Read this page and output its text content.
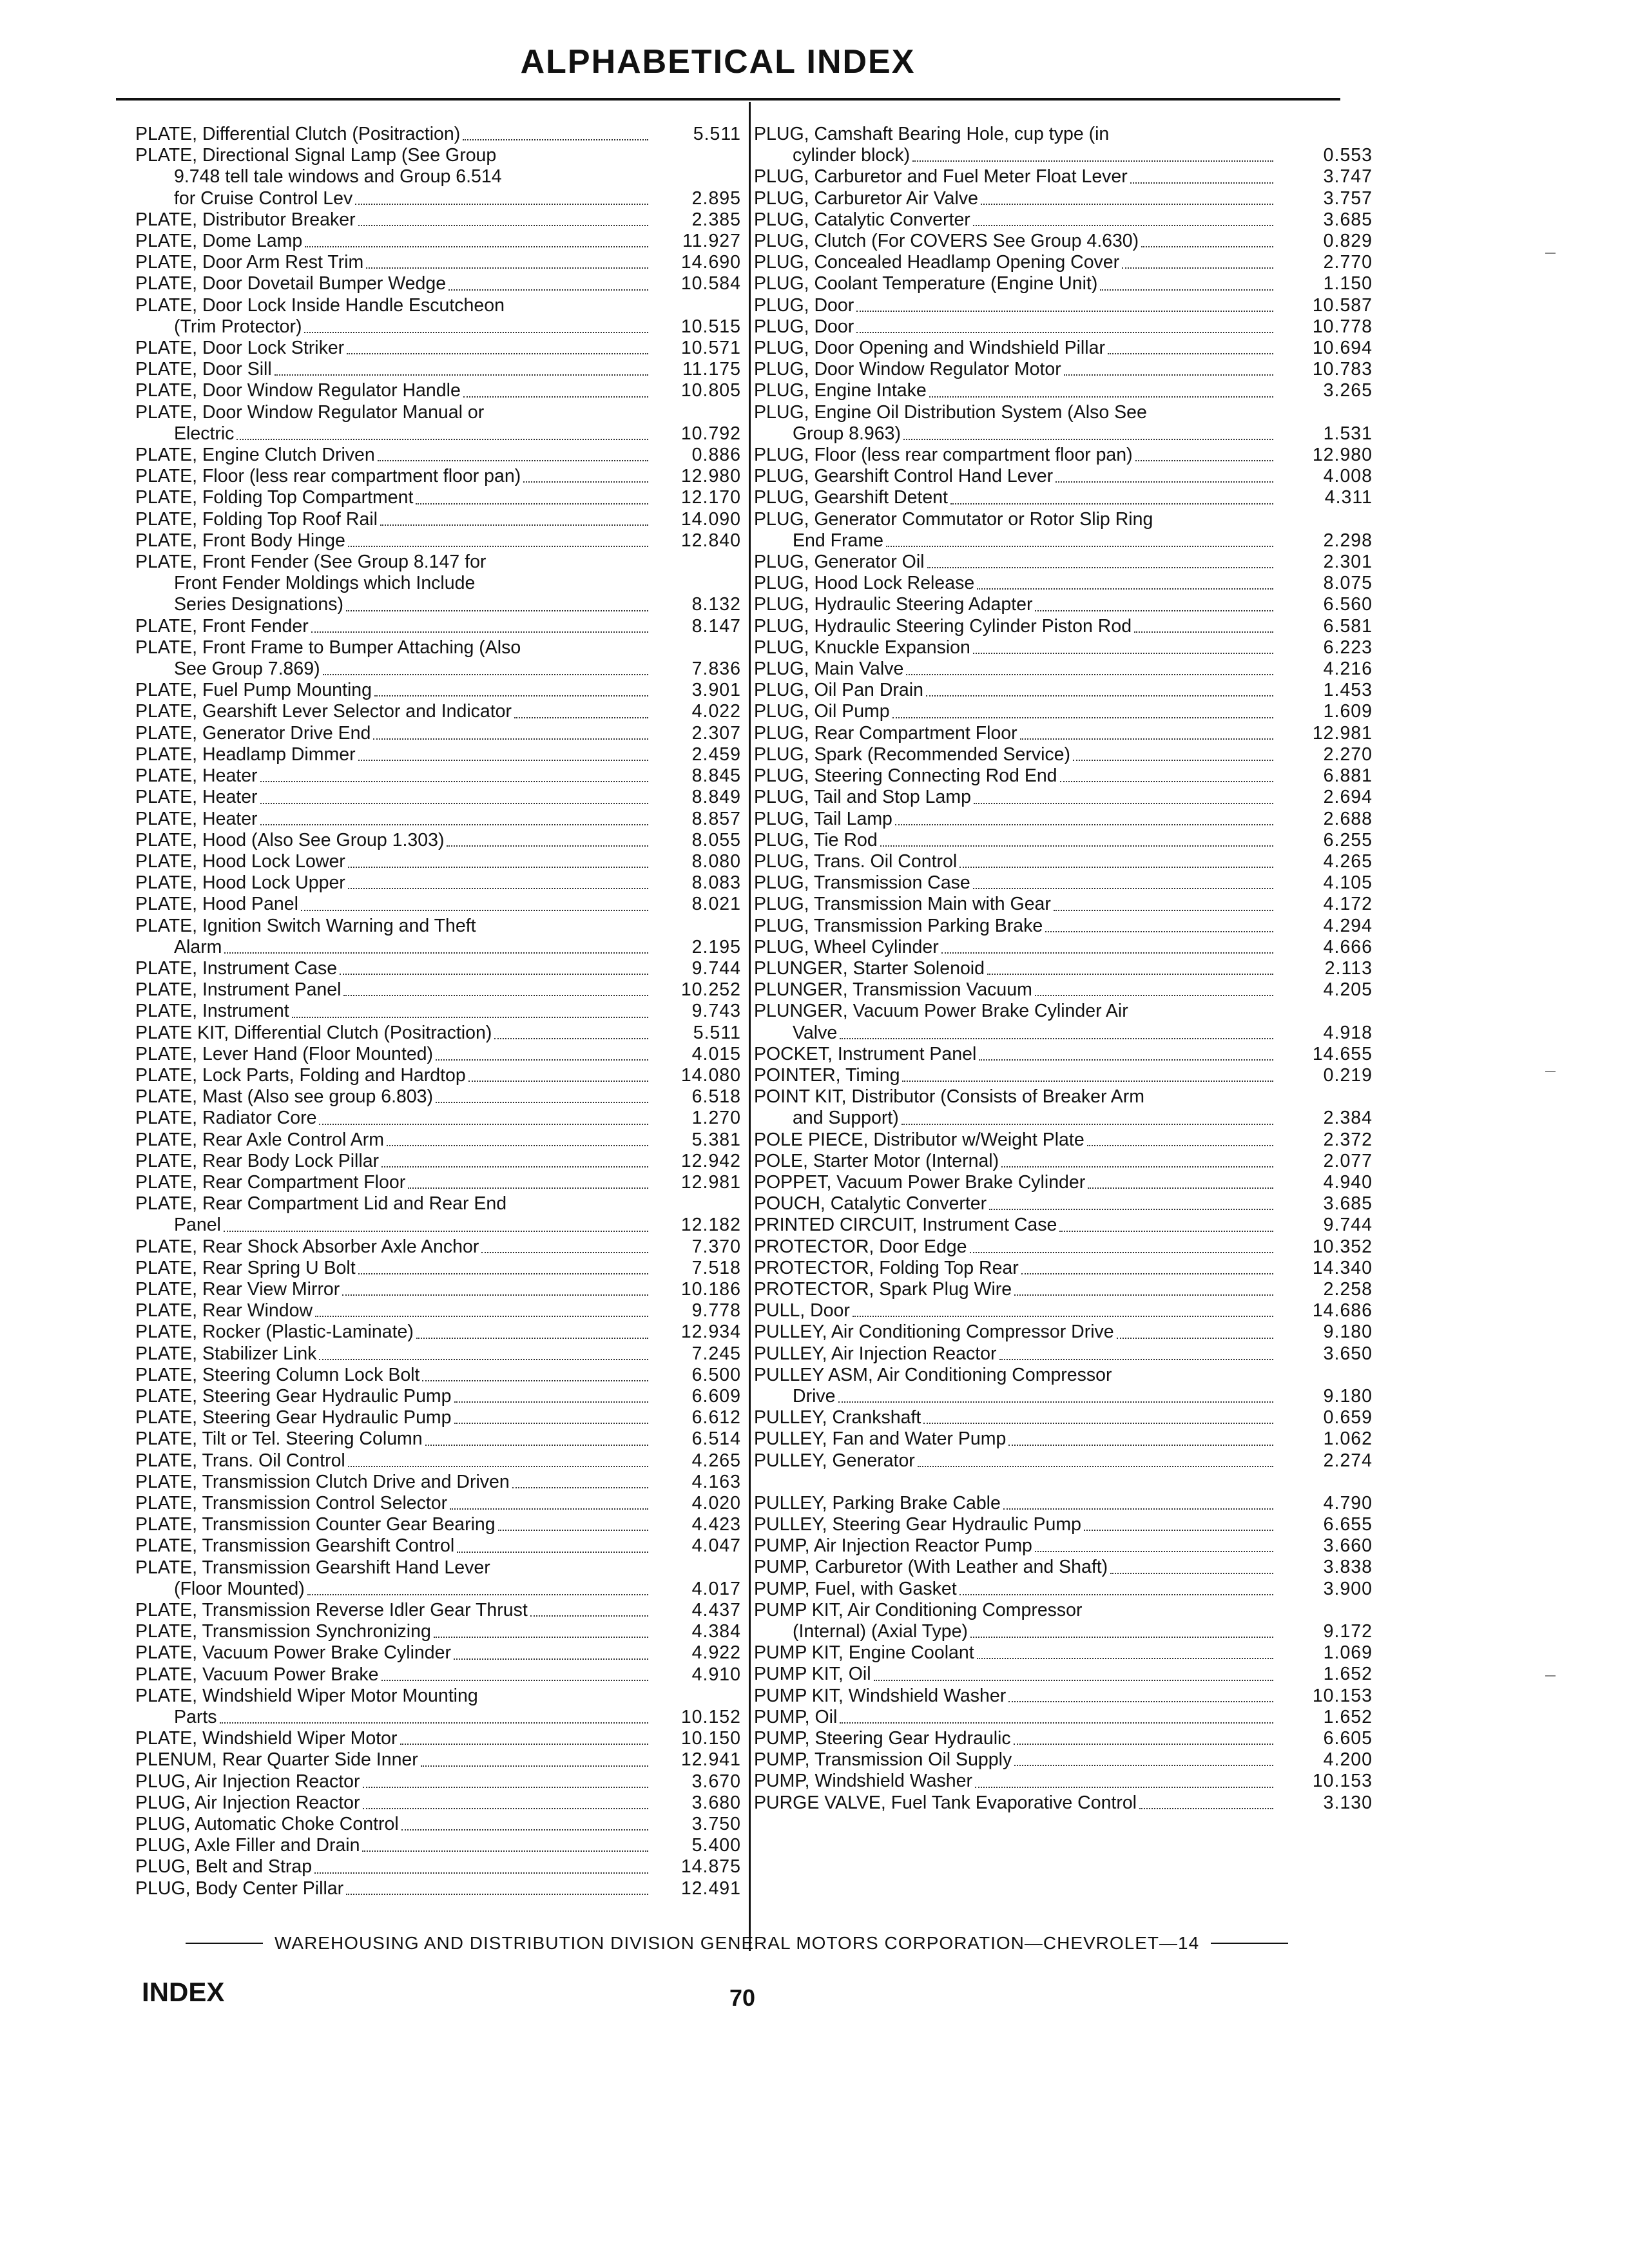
ALPHABETICAL INDEX
PLATE, Differential Clutch (Positraction)	5.511
PLATE, Directional Signal Lamp (See Group
9.748 tell tale windows and Group 6.514
for Cruise Control Lev	2.895
PLATE, Distributor Breaker	2.385
PLATE, Dome Lamp	11.927
PLATE, Door Arm Rest Trim	14.690
PLATE, Door Dovetail Bumper Wedge	10.584
PLATE, Door Lock Inside Handle Escutcheon
(Trim Protector)	10.515
PLATE, Door Lock Striker	10.571
PLATE, Door Sill	11.175
PLATE, Door Window Regulator Handle	10.805
PLATE, Door Window Regulator Manual or
Electric	10.792
PLATE, Engine Clutch Driven	0.886
PLATE, Floor (less rear compartment floor pan)	12.980
PLATE, Folding Top Compartment	12.170
PLATE, Folding Top Roof Rail	14.090
PLATE, Front Body Hinge	12.840
PLATE, Front Fender (See Group 8.147 for
Front Fender Moldings which Include
Series Designations)	8.132
PLATE, Front Fender	8.147
PLATE, Front Frame to Bumper Attaching (Also
See Group 7.869)	7.836
PLATE, Fuel Pump Mounting	3.901
PLATE, Gearshift Lever Selector and Indicator	4.022
PLATE, Generator Drive End	2.307
PLATE, Headlamp Dimmer	2.459
PLATE, Heater	8.845
PLATE, Heater	8.849
PLATE, Heater	8.857
PLATE, Hood (Also See Group 1.303)	8.055
PLATE, Hood Lock Lower	8.080
PLATE, Hood Lock Upper	8.083
PLATE, Hood Panel	8.021
PLATE, Ignition Switch Warning and Theft
Alarm	2.195
PLATE, Instrument Case	9.744
PLATE, Instrument Panel	10.252
PLATE, Instrument	9.743
PLATE KIT, Differential Clutch (Positraction)	5.511
PLATE, Lever Hand (Floor Mounted)	4.015
PLATE, Lock Parts, Folding and Hardtop	14.080
PLATE, Mast (Also see group 6.803)	6.518
PLATE, Radiator Core	1.270
PLATE, Rear Axle Control Arm	5.381
PLATE, Rear Body Lock Pillar	12.942
PLATE, Rear Compartment Floor	12.981
PLATE, Rear Compartment Lid and Rear End
Panel	12.182
PLATE, Rear Shock Absorber Axle Anchor	7.370
PLATE, Rear Spring U Bolt	7.518
PLATE, Rear View Mirror	10.186
PLATE, Rear Window	9.778
PLATE, Rocker (Plastic-Laminate)	12.934
PLATE, Stabilizer Link	7.245
PLATE, Steering Column Lock Bolt	6.500
PLATE, Steering Gear Hydraulic Pump	6.609
PLATE, Steering Gear Hydraulic Pump	6.612
PLATE, Tilt or Tel. Steering Column	6.514
PLATE, Trans. Oil Control	4.265
PLATE, Transmission Clutch Drive and Driven	4.163
PLATE, Transmission Control Selector	4.020
PLATE, Transmission Counter Gear Bearing	4.423
PLATE, Transmission Gearshift Control	4.047
PLATE, Transmission Gearshift Hand Lever
(Floor Mounted)	4.017
PLATE, Transmission Reverse Idler Gear Thrust	4.437
PLATE, Transmission Synchronizing	4.384
PLATE, Vacuum Power Brake Cylinder	4.922
PLATE, Vacuum Power Brake	4.910
PLATE, Windshield Wiper Motor Mounting
Parts	10.152
PLATE, Windshield Wiper Motor	10.150
PLENUM, Rear Quarter Side Inner	12.941
PLUG, Air Injection Reactor	3.670
PLUG, Air Injection Reactor	3.680
PLUG, Automatic Choke Control	3.750
PLUG, Axle Filler and Drain	5.400
PLUG, Belt and Strap	14.875
PLUG, Body Center Pillar	12.491
PLUG, Camshaft Bearing Hole, cup type (in
cylinder block)	0.553
PLUG, Carburetor and Fuel Meter Float Lever	3.747
PLUG, Carburetor Air Valve	3.757
PLUG, Catalytic Converter	3.685
PLUG, Clutch (For COVERS See Group 4.630)	0.829
PLUG, Concealed Headlamp Opening Cover	2.770
PLUG, Coolant Temperature (Engine Unit)	1.150
PLUG, Door	10.587
PLUG, Door	10.778
PLUG, Door Opening and Windshield Pillar	10.694
PLUG, Door Window Regulator Motor	10.783
PLUG, Engine Intake	3.265
PLUG, Engine Oil Distribution System (Also See
Group 8.963)	1.531
PLUG, Floor (less rear compartment floor pan)	12.980
PLUG, Gearshift Control Hand Lever	4.008
PLUG, Gearshift Detent	4.311
PLUG, Generator Commutator or Rotor Slip Ring
End Frame	2.298
PLUG, Generator Oil	2.301
PLUG, Hood Lock Release	8.075
PLUG, Hydraulic Steering Adapter	6.560
PLUG, Hydraulic Steering Cylinder Piston Rod	6.581
PLUG, Knuckle Expansion	6.223
PLUG, Main Valve	4.216
PLUG, Oil Pan Drain	1.453
PLUG, Oil Pump	1.609
PLUG, Rear Compartment Floor	12.981
PLUG, Spark (Recommended Service)	2.270
PLUG, Steering Connecting Rod End	6.881
PLUG, Tail and Stop Lamp	2.694
PLUG, Tail Lamp	2.688
PLUG, Tie Rod	6.255
PLUG, Trans. Oil Control	4.265
PLUG, Transmission Case	4.105
PLUG, Transmission Main with Gear	4.172
PLUG, Transmission Parking Brake	4.294
PLUG, Wheel Cylinder	4.666
PLUNGER, Starter Solenoid	2.113
PLUNGER, Transmission Vacuum	4.205
PLUNGER, Vacuum Power Brake Cylinder Air
Valve	4.918
POCKET, Instrument Panel	14.655
POINTER, Timing	0.219
POINT KIT, Distributor (Consists of Breaker Arm
and Support)	2.384
POLE PIECE, Distributor w/Weight Plate	2.372
POLE, Starter Motor (Internal)	2.077
POPPET, Vacuum Power Brake Cylinder	4.940
POUCH, Catalytic Converter	3.685
PRINTED CIRCUIT, Instrument Case	9.744
PROTECTOR, Door Edge	10.352
PROTECTOR, Folding Top Rear	14.340
PROTECTOR, Spark Plug Wire	2.258
PULL, Door	14.686
PULLEY, Air Conditioning Compressor Drive	9.180
PULLEY, Air Injection Reactor	3.650
PULLEY ASM, Air Conditioning Compressor
Drive	9.180
PULLEY, Crankshaft	0.659
PULLEY, Fan and Water Pump	1.062
PULLEY, Generator	2.274
PULLEY, Parking Brake Cable	4.790
PULLEY, Steering Gear Hydraulic Pump	6.655
PUMP, Air Injection Reactor Pump	3.660
PUMP, Carburetor (With Leather and Shaft)	3.838
PUMP, Fuel, with Gasket	3.900
PUMP KIT, Air Conditioning Compressor
(Internal) (Axial Type)	9.172
PUMP KIT, Engine Coolant	1.069
PUMP KIT, Oil	1.652
PUMP KIT, Windshield Washer	10.153
PUMP, Oil	1.652
PUMP, Steering Gear Hydraulic	6.605
PUMP, Transmission Oil Supply	4.200
PUMP, Windshield Washer	10.153
PURGE VALVE, Fuel Tank Evaporative Control	3.130
WAREHOUSING AND DISTRIBUTION DIVISION GENERAL MOTORS CORPORATION—CHEVROLET—14
INDEX	70
